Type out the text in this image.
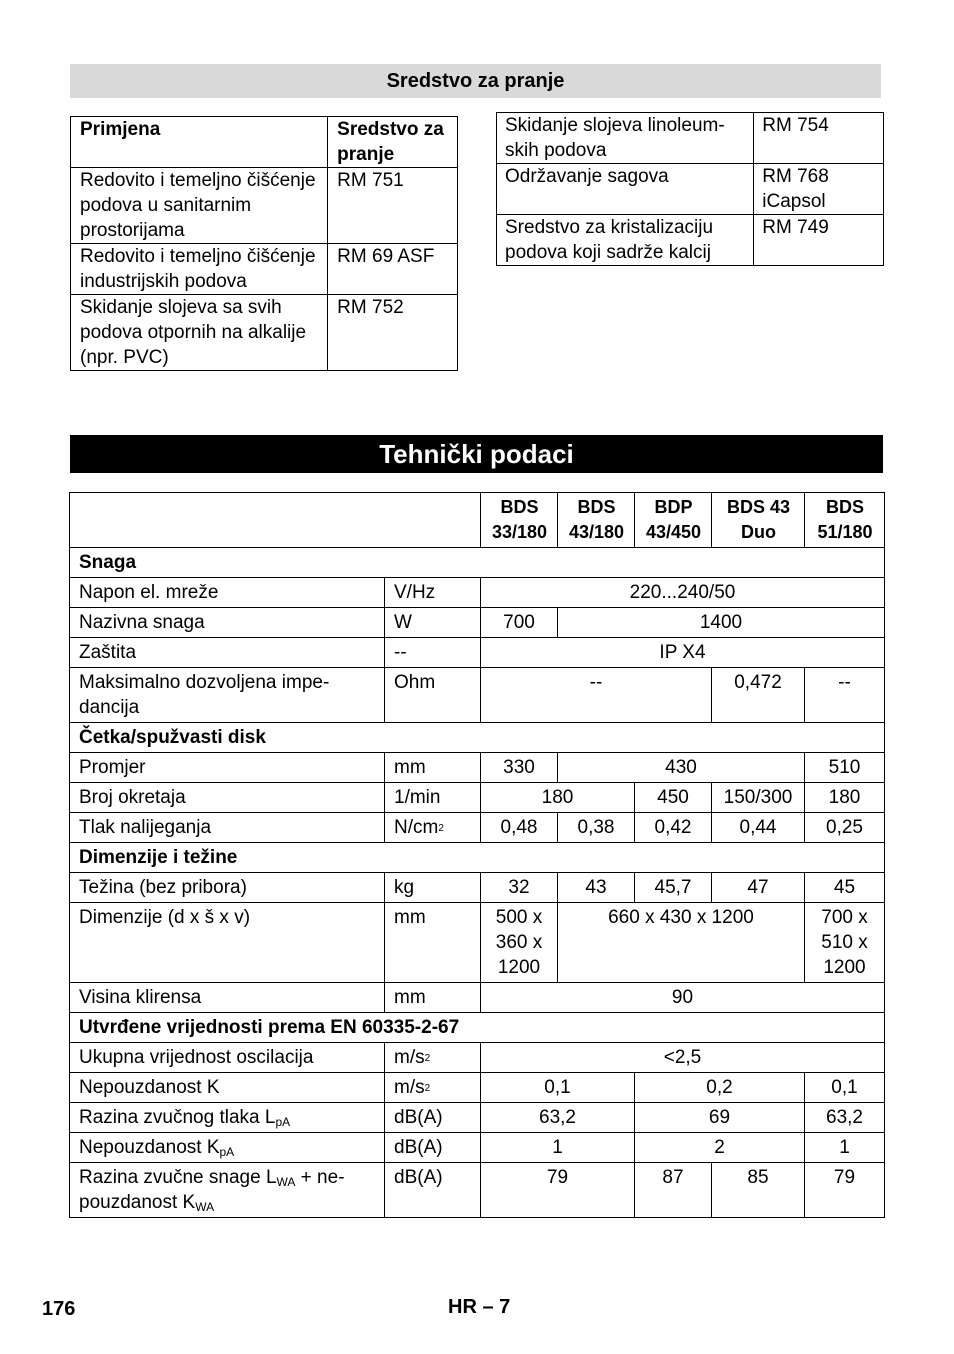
Sredstvo za pranje
Primjena	Sredstvo za pranje
Redovito i temeljno čišćenje podova u sanitarnim prostorijama	RM 751
Redovito i temeljno čišćenje industrijskih podova	RM 69 ASF
Skidanje slojeva sa svih podova otpornih na alkalije (npr. PVC)	RM 752
Skidanje slojeva linoleumskih podova	RM 754
Održavanje sagova	RM 768 iCapsol
Sredstvo za kristalizaciju podova koji sadrže kalcij	RM 749
Tehnički podaci
		BDS 33/180	BDS 43/180	BDP 43/450	BDS 43 Duo	BDS 51/180
Snaga						
Napon el. mreže	V/Hz	220...240/50				
Nazivna snaga	W	700	1400			
Zaštita	--	IP X4				
Maksimalno dozvoljena impedancija	Ohm	--			0,472	--
Četka/spužvasti disk						
Promjer	mm	330	430			510
Broj okretaja	1/min	180		450	150/300	180
Tlak nalijeganja	$N/cm^2$	0,48	0,38	0,42	0,44	0,25
Dimenzije i težine						
Težina (bez pribora)	kg	32	43	45,7	47	45
Dimenzije (d x š x v)	mm	500 x 360 x 1200	660 x 430 x 1200			700 x 510 x 1200
Visina klirensa	mm	90				
Utvrđene vrijednosti prema EN 60335-2-67						
Ukupna vrijednost oscilacija	$m/s^2$	<2,5				
Nepouzdanost K	$m/s^2$	0,1		0,2		0,1
Razina zvučnog tlaka $L_{pA}$	dB(A)	63,2		69		63,2
Nepouzdanost $K_{pA}$	dB(A)	1		2		1
Razina zvučne snage $L_{WA}$ + nepouzdanost $K_{WA}$	dB(A)	79		87	85	79
176	HR – 7
